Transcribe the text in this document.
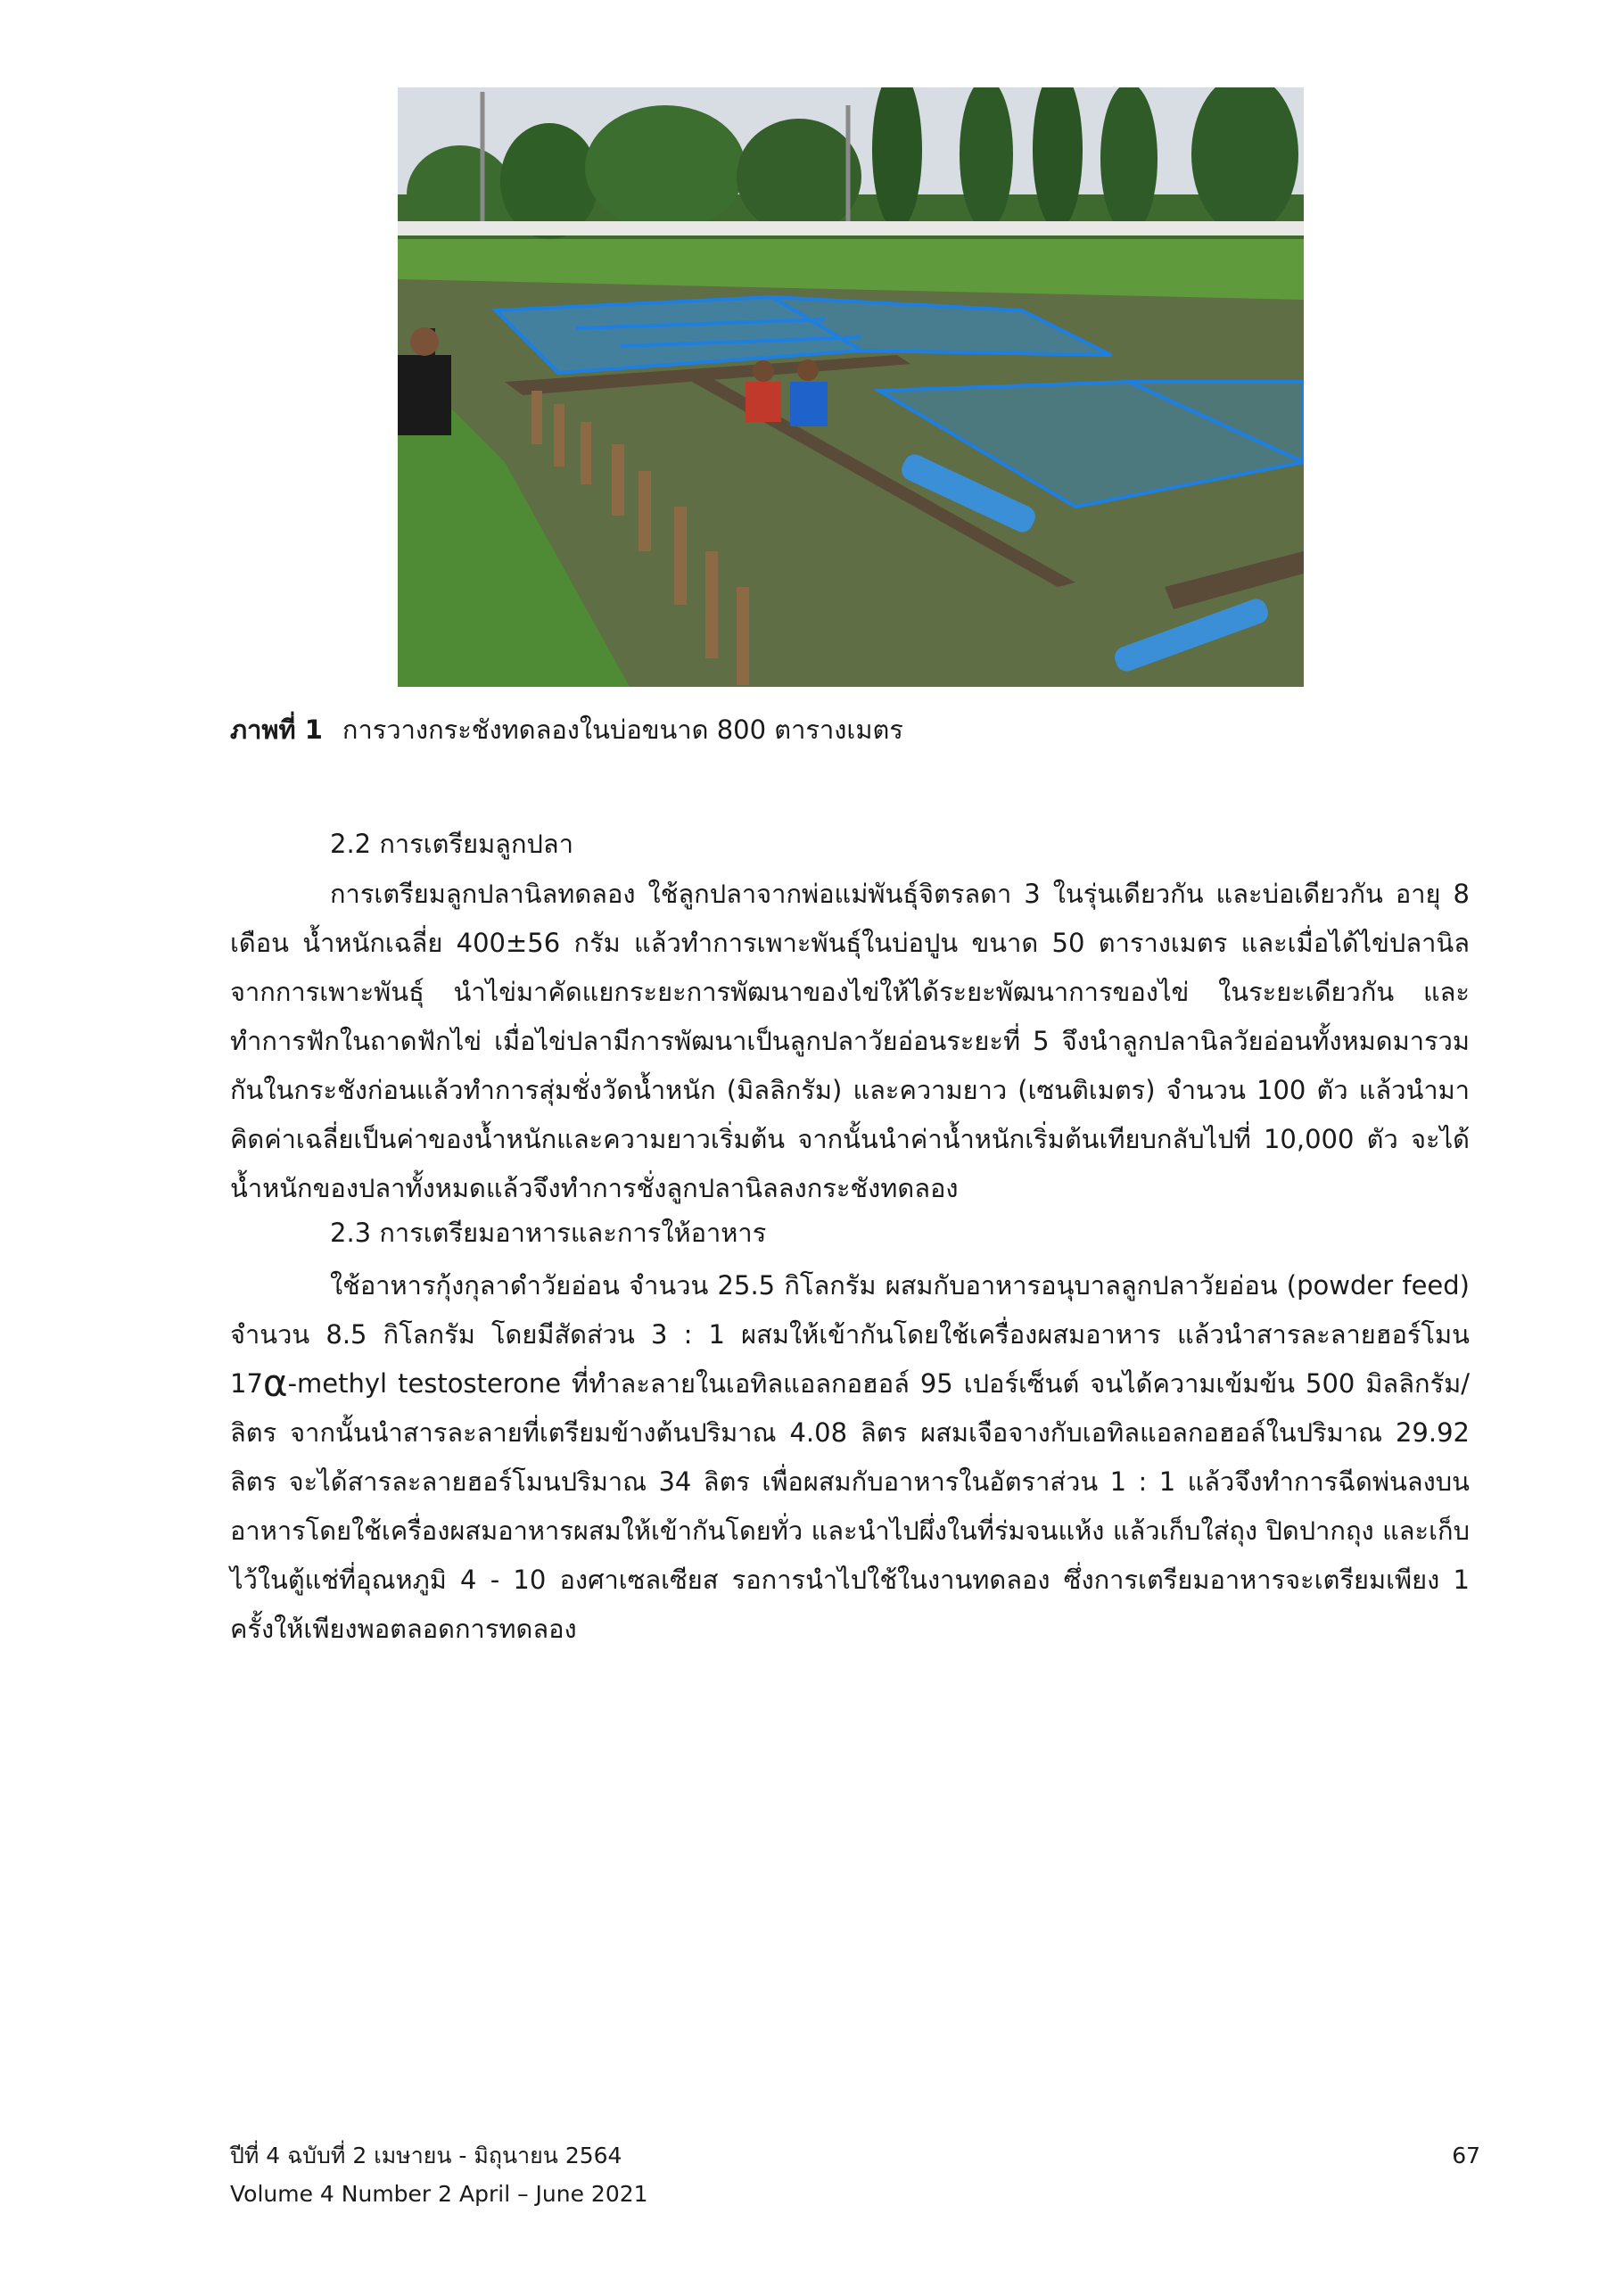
ภาพที่ 1 การวางกระชังทดลองในบ่อขนาด 800 ตารางเมตร
2.2 การเตรียมลูกปลา

การเตรียมลูกปลานิลทดลอง ใช้ลูกปลาจากพ่อแม่พันธุ์จิตรลดา 3 ในรุ่นเดียวกัน และบ่อเดียวกัน อายุ 8 เดือน น้ำหนักเฉลี่ย 400±56 กรัม แล้วทำการเพาะพันธุ์ในบ่อปูน ขนาด 50 ตารางเมตร และเมื่อได้ไข่ปลานิลจากการเพาะพันธุ์ นำไข่มาคัดแยกระยะการพัฒนาของไข่ให้ได้ระยะพัฒนาการของไข่ ในระยะเดียวกัน และทำการฟักในถาดฟักไข่ เมื่อไข่ปลามีการพัฒนาเป็นลูกปลาวัยอ่อนระยะที่ 5 จึงนำลูกปลานิลวัยอ่อนทั้งหมดมารวมกันในกระชังก่อนแล้วทำการสุ่มชั่งวัดน้ำหนัก (มิลลิกรัม) และความยาว (เซนติเมตร) จำนวน 100 ตัว แล้วนำมาคิดค่าเฉลี่ยเป็นค่าของน้ำหนักและความยาวเริ่มต้น จากนั้นนำค่าน้ำหนักเริ่มต้นเทียบกลับไปที่ 10,000 ตัว จะได้น้ำหนักของปลาทั้งหมดแล้วจึงทำการชั่งลูกปลานิลลงกระชังทดลอง

2.3 การเตรียมอาหารและการให้อาหาร

ใช้อาหารกุ้งกุลาดำวัยอ่อน จำนวน 25.5 กิโลกรัม ผสมกับอาหารอนุบาลลูกปลาวัยอ่อน (powder feed) จำนวน 8.5 กิโลกรัม โดยมีสัดส่วน 3 : 1 ผสมให้เข้ากันโดยใช้เครื่องผสมอาหาร แล้วนำสารละลายฮอร์โมน 17α-methyl testosterone ที่ทำละลายในเอทิลแอลกอฮอล์ 95 เปอร์เซ็นต์ จนได้ความเข้มข้น 500 มิลลิกรัม/ลิตร จากนั้นนำสารละลายที่เตรียมข้างต้นปริมาณ 4.08 ลิตร ผสมเจือจางกับเอทิลแอลกอฮอล์ในปริมาณ 29.92 ลิตร จะได้สารละลายฮอร์โมนปริมาณ 34 ลิตร เพื่อผสมกับอาหารในอัตราส่วน 1 : 1 แล้วจึงทำการฉีดพ่นลงบนอาหารโดยใช้เครื่องผสมอาหารผสมให้เข้ากันโดยทั่ว และนำไปผึ่งในที่ร่มจนแห้ง แล้วเก็บใส่ถุง ปิดปากถุง และเก็บไว้ในตู้แช่ที่อุณหภูมิ 4 - 10 องศาเซลเซียส รอการนำไปใช้ในงานทดลอง ซึ่งการเตรียมอาหารจะเตรียมเพียง 1 ครั้งให้เพียงพอตลอดการทดลอง

ปีที่ 4 ฉบับที่ 2 เมษายน - มิถุนายน 2564
Volume 4 Number 2 April – June 2021
67
